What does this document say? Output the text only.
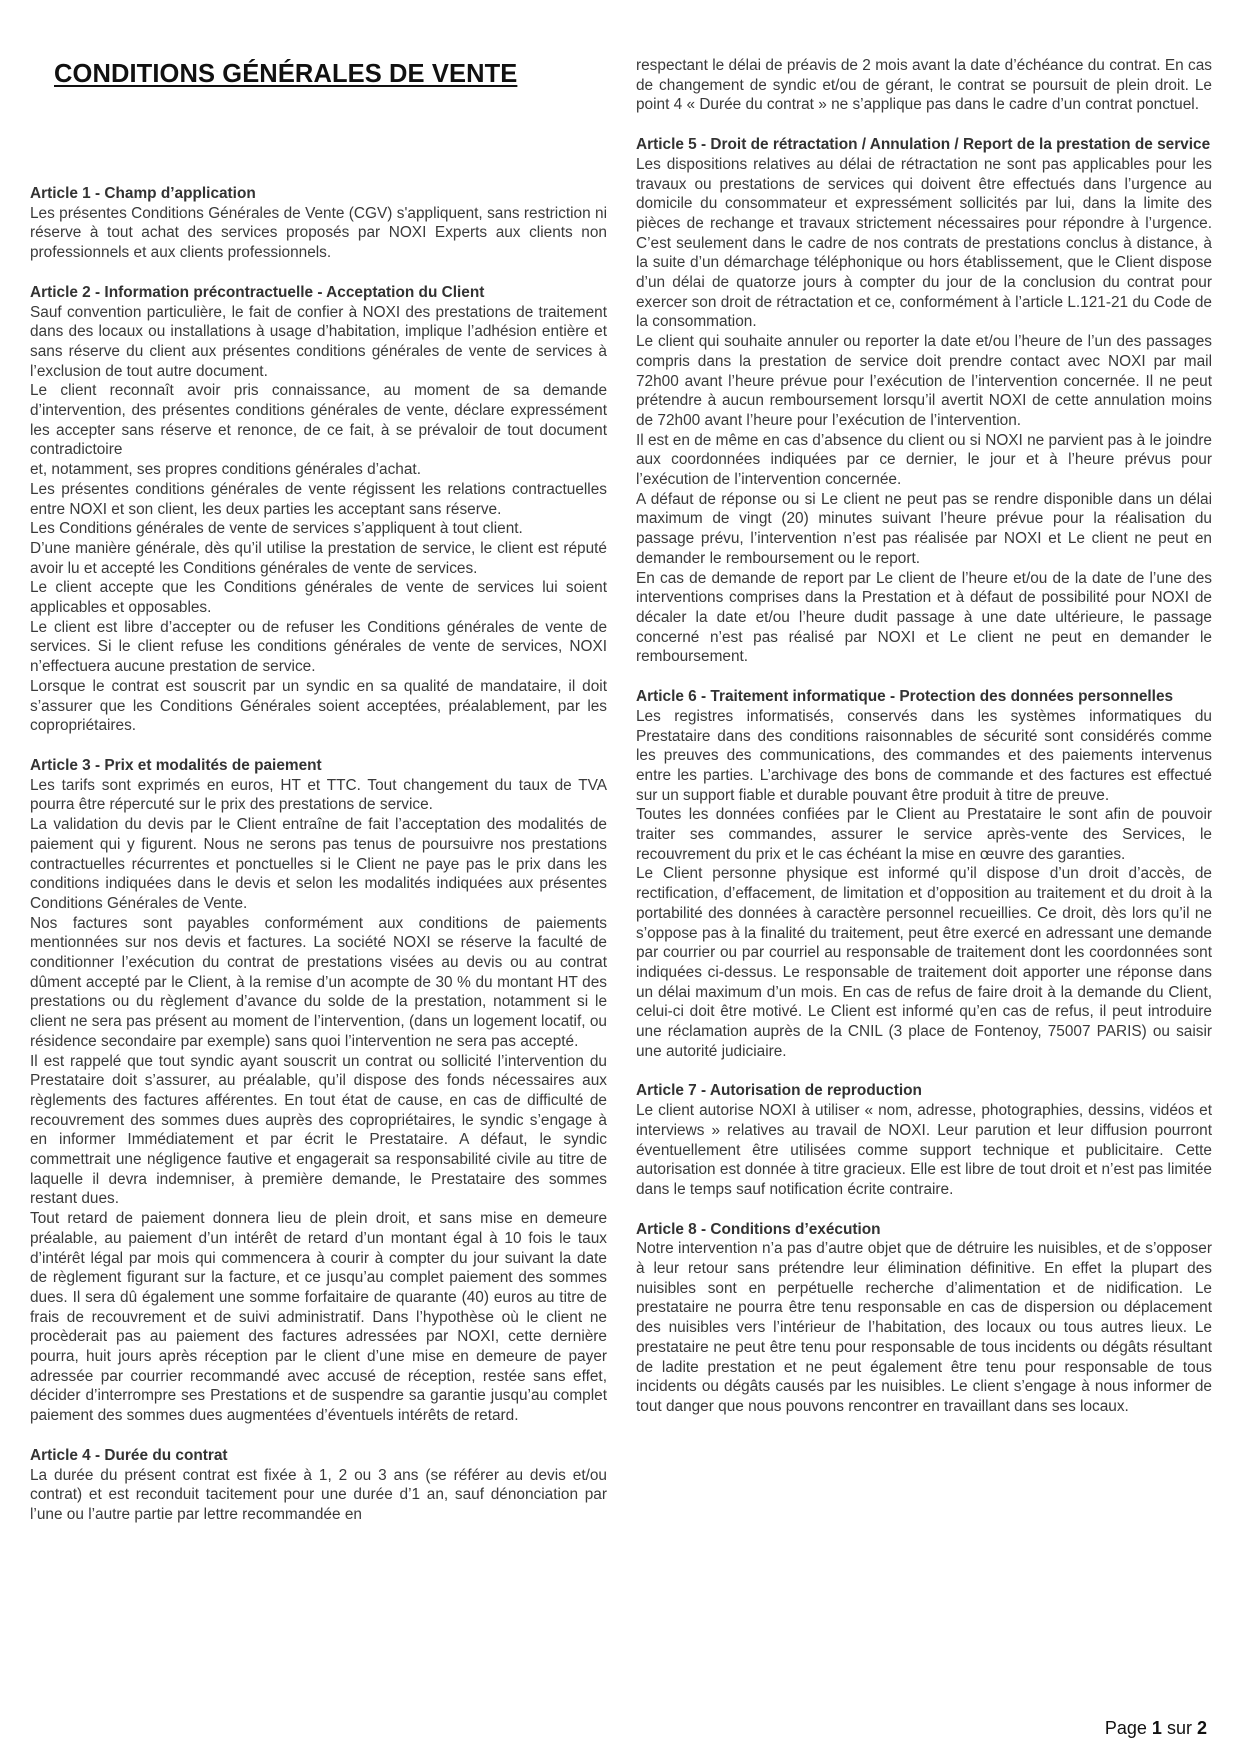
CONDITIONS GÉNÉRALES DE VENTE
Article 1 - Champ d’application

Les présentes Conditions Générales de Vente (CGV) s'appliquent, sans restriction ni réserve à tout achat des services proposés par NOXI Experts aux clients non professionnels et aux clients professionnels.

Article 2 - Information précontractuelle - Acceptation du Client

Sauf convention particulière, le fait de confier à NOXI des prestations de traitement dans des locaux ou installations à usage d’habitation, implique l’adhésion entière et sans réserve du client aux présentes conditions générales de vente de services à l’exclusion de tout autre document.

Le client reconnaît avoir pris connaissance, au moment de sa demande d’intervention, des présentes conditions générales de vente, déclare expressément les accepter sans réserve et renonce, de ce fait, à se prévaloir de tout document contradictoire

et, notamment, ses propres conditions générales d’achat.

Les présentes conditions générales de vente régissent les relations contractuelles entre NOXI et son client, les deux parties les acceptant sans réserve.

Les Conditions générales de vente de services s’appliquent à tout client.

D’une manière générale, dès qu’il utilise la prestation de service, le client est réputé avoir lu et accepté les Conditions générales de vente de services.

Le client accepte que les Conditions générales de vente de services lui soient applicables et opposables.

Le client est libre d’accepter ou de refuser les Conditions générales de vente de services. Si le client refuse les conditions générales de vente de services, NOXI n’effectuera aucune prestation de service.

Lorsque le contrat est souscrit par un syndic en sa qualité de mandataire, il doit s’assurer que les Conditions Générales soient acceptées, préalablement, par les copropriétaires.

Article 3 - Prix et modalités de paiement

Les tarifs sont exprimés en euros, HT et TTC. Tout changement du taux de TVA pourra être répercuté sur le prix des prestations de service.

La validation du devis par le Client entraîne de fait l’acceptation des modalités de paiement qui y figurent. Nous ne serons pas tenus de poursuivre nos prestations contractuelles récurrentes et ponctuelles si le Client ne paye pas le prix dans les conditions indiquées dans le devis et selon les modalités indiquées aux présentes Conditions Générales de Vente.

Nos factures sont payables conformément aux conditions de paiements mentionnées sur nos devis et factures. La société NOXI se réserve la faculté de conditionner l’exécution du contrat de prestations visées au devis ou au contrat dûment accepté par le Client, à la remise d’un acompte de 30 % du montant HT des prestations ou du règlement d’avance du solde de la prestation, notamment si le client ne sera pas présent au moment de l’intervention, (dans un logement locatif, ou résidence secondaire par exemple) sans quoi l’intervention ne sera pas accepté.

Il est rappelé que tout syndic ayant souscrit un contrat ou sollicité l’intervention du Prestataire doit s’assurer, au préalable, qu’il dispose des fonds nécessaires aux règlements des factures afférentes. En tout état de cause, en cas de difficulté de recouvrement des sommes dues auprès des copropriétaires, le syndic s’engage à en informer Immédiatement et par écrit le Prestataire. A défaut, le syndic commettrait une négligence fautive et engagerait sa responsabilité civile au titre de laquelle il devra indemniser, à première demande, le Prestataire des sommes restant dues.

Tout retard de paiement donnera lieu de plein droit, et sans mise en demeure préalable, au paiement d’un intérêt de retard d’un montant égal à 10 fois le taux d’intérêt légal par mois qui commencera à courir à compter du jour suivant la date de règlement figurant sur la facture, et ce jusqu’au complet paiement des sommes dues. Il sera dû également une somme forfaitaire de quarante (40) euros au titre de frais de recouvrement et de suivi administratif. Dans l’hypothèse où le client ne procèderait pas au paiement des factures adressées par NOXI, cette dernière pourra, huit jours après réception par le client d’une mise en demeure de payer adressée par courrier recommandé avec accusé de réception, restée sans effet, décider d’interrompre ses Prestations et de suspendre sa garantie jusqu’au complet paiement des sommes dues augmentées d’éventuels intérêts de retard.

Article 4 - Durée du contrat

La durée du présent contrat est fixée à 1, 2 ou 3 ans (se référer au devis et/ou contrat) et est reconduit tacitement pour une durée d’1 an, sauf dénonciation par l’une ou l’autre partie par lettre recommandée en

respectant le délai de préavis de 2 mois avant la date d’échéance du contrat. En cas de changement de syndic et/ou de gérant, le contrat se poursuit de plein droit. Le point 4 « Durée du contrat » ne s’applique pas dans le cadre d’un contrat ponctuel.

Article 5 - Droit de rétractation / Annulation / Report de la prestation de service

Les dispositions relatives au délai de rétractation ne sont pas applicables pour les travaux ou prestations de services qui doivent être effectués dans l’urgence au domicile du consommateur et expressément sollicités par lui, dans la limite des pièces de rechange et travaux strictement nécessaires pour répondre à l’urgence. C’est seulement dans le cadre de nos contrats de prestations conclus à distance, à la suite d’un démarchage téléphonique ou hors établissement, que le Client dispose d’un délai de quatorze jours à compter du jour de la conclusion du contrat pour exercer son droit de rétractation et ce, conformément à l’article L.121-21 du Code de la consommation.

Le client qui souhaite annuler ou reporter la date et/ou l’heure de l’un des passages compris dans la prestation de service doit prendre contact avec NOXI par mail 72h00 avant l’heure prévue pour l’exécution de l’intervention concernée. Il ne peut prétendre à aucun remboursement lorsqu’il avertit NOXI de cette annulation moins de 72h00 avant l’heure pour l’exécution de l’intervention.

Il est en de même en cas d’absence du client ou si NOXI ne parvient pas à le joindre aux coordonnées indiquées par ce dernier, le jour et à l’heure prévus pour l’exécution de l’intervention concernée.

A défaut de réponse ou si Le client ne peut pas se rendre disponible dans un délai maximum de vingt (20) minutes suivant l’heure prévue pour la réalisation du passage prévu, l’intervention n’est pas réalisée par NOXI et Le client ne peut en demander le remboursement ou le report.

En cas de demande de report par Le client de l’heure et/ou de la date de l’une des interventions comprises dans la Prestation et à défaut de possibilité pour NOXI de décaler la date et/ou l’heure dudit passage à une date ultérieure, le passage concerné n’est pas réalisé par NOXI et Le client ne peut en demander le remboursement.

Article 6 - Traitement informatique - Protection des données personnelles

Les registres informatisés, conservés dans les systèmes informatiques du Prestataire dans des conditions raisonnables de sécurité sont considérés comme les preuves des communications, des commandes et des paiements intervenus entre les parties. L’archivage des bons de commande et des factures est effectué sur un support fiable et durable pouvant être produit à titre de preuve.

Toutes les données confiées par le Client au Prestataire le sont afin de pouvoir traiter ses commandes, assurer le service après-vente des Services, le recouvrement du prix et le cas échéant la mise en œuvre des garanties.

Le Client personne physique est informé qu’il dispose d’un droit d’accès, de rectification, d’effacement, de limitation et d’opposition au traitement et du droit à la portabilité des données à caractère personnel recueillies. Ce droit, dès lors qu’il ne s’oppose pas à la finalité du traitement, peut être exercé en adressant une demande par courrier ou par courriel au responsable de traitement dont les coordonnées sont indiquées ci-dessus. Le responsable de traitement doit apporter une réponse dans un délai maximum d’un mois. En cas de refus de faire droit à la demande du Client, celui-ci doit être motivé. Le Client est informé qu’en cas de refus, il peut introduire une réclamation auprès de la CNIL (3 place de Fontenoy, 75007 PARIS) ou saisir une autorité judiciaire.

Article 7 - Autorisation de reproduction

Le client autorise NOXI à utiliser « nom, adresse, photographies, dessins, vidéos et interviews » relatives au travail de NOXI. Leur parution et leur diffusion pourront éventuellement être utilisées comme support technique et publicitaire. Cette autorisation est donnée à titre gracieux. Elle est libre de tout droit et n’est pas limitée dans le temps sauf notification écrite contraire.

Article 8 - Conditions d’exécution

Notre intervention n’a pas d’autre objet que de détruire les nuisibles, et de s’opposer à leur retour sans prétendre leur élimination définitive. En effet la plupart des nuisibles sont en perpétuelle recherche d’alimentation et de nidification. Le prestataire ne pourra être tenu responsable en cas de dispersion ou déplacement des nuisibles vers l’intérieur de l’habitation, des locaux ou tous autres lieux. Le prestataire ne peut être tenu pour responsable de tous incidents ou dégâts résultant de ladite prestation et ne peut également être tenu pour responsable de tous incidents ou dégâts causés par les nuisibles. Le client s’engage à nous informer de tout danger que nous pouvons rencontrer en travaillant dans ses locaux.

Page 1 sur 2
